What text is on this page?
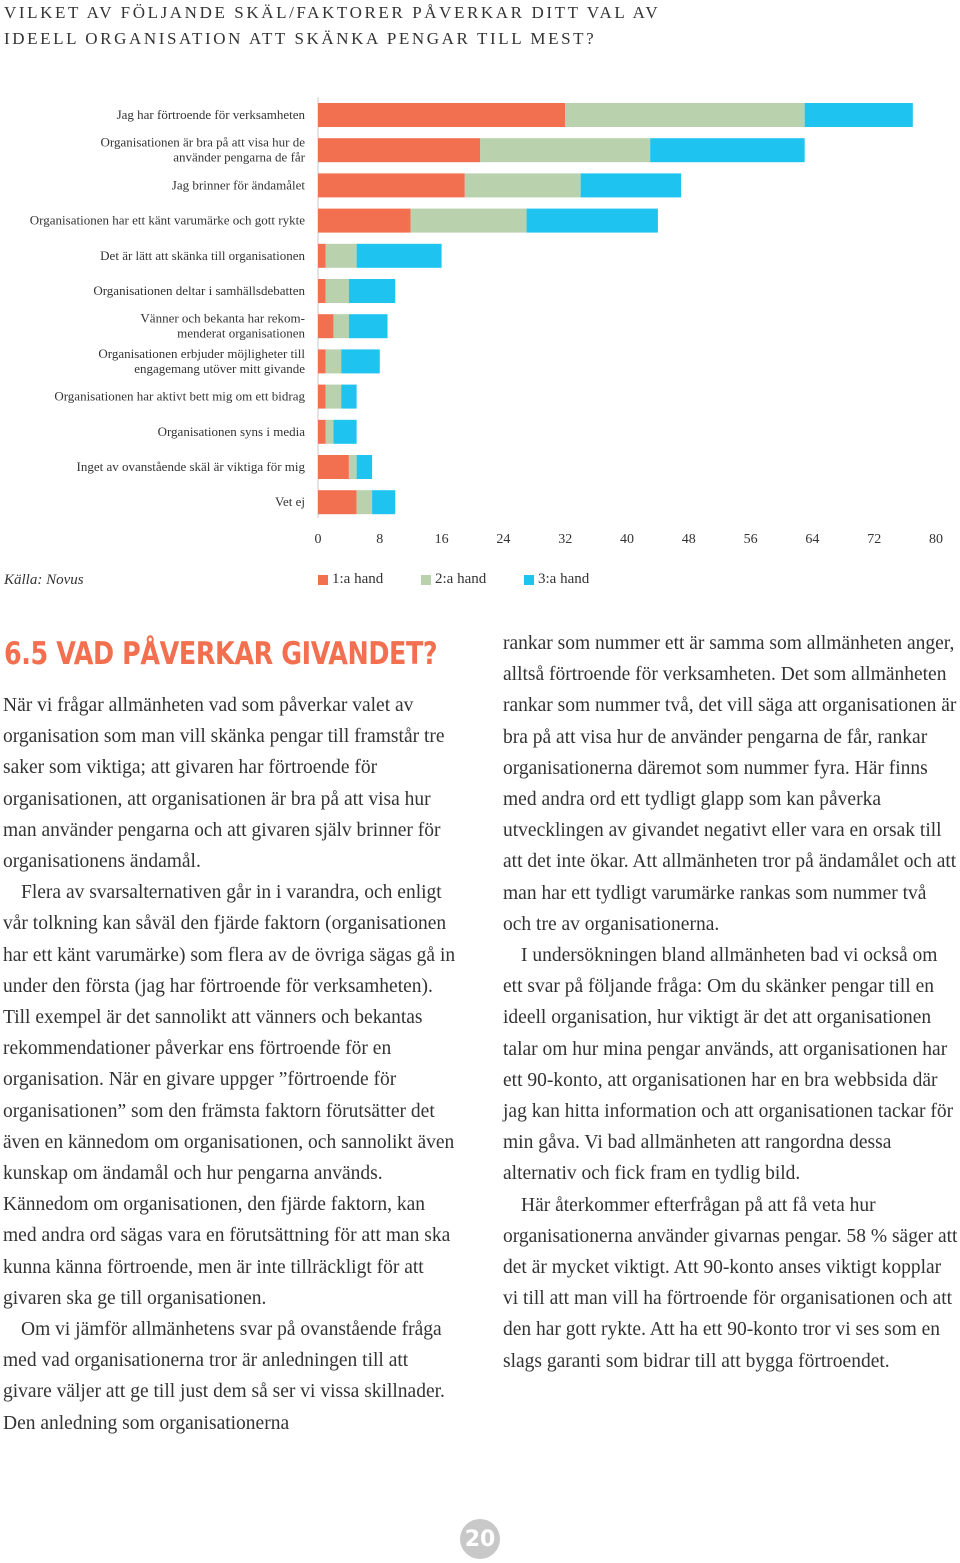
VILKET AV FÖLJANDE SKÄL/FAKTORER PÅVERKAR DITT VAL AV
IDEELL ORGANISATION ATT SKÄNKA PENGAR TILL MEST?
Jag har förtroende för verksamheten
Organisationen är bra på att visa hur de
använder pengarna de får
Jag brinner för ändamålet
Organisationen har ett känt varumärke och gott rykte
Det är lätt att skänka till organisationen
Organisationen deltar i samhällsdebatten
Vänner och bekanta har rekom-
menderat organisationen
Organisationen erbjuder möjligheter till
engagemang utöver mitt givande
Organisationen har aktivt bett mig om ett bidrag
Organisationen syns i media
Inget av ovanstående skäl är viktiga för mig
Vet ej
0	8	16	24	32	40	48	56	64	72	80
Källa: Novus	1:a hand	2:a hand	3:a hand
6.5 VAD PÅVERKAR GIVANDET?

När vi frågar allmänheten vad som påverkar valet av organisation som man vill skänka pengar till framstår tre saker som viktiga; att givaren har förtroende för organisationen, att organisationen är bra på att visa hur man använder pengarna och att givaren själv brinner för organisationens ändamål.

Flera av svarsalternativen går in i varandra, och enligt vår tolkning kan såväl den fjärde faktorn (organisationen har ett känt varumärke) som flera av de övriga sägas gå in under den första (jag har förtroende för verksamheten). Till exempel är det sannolikt att vänners och bekantas rekommendationer påverkar ens förtroende för en organisation. När en givare uppger ”förtroende för organisationen” som den främsta faktorn förutsätter det även en kännedom om organisationen, och sannolikt även kunskap om ändamål och hur pengarna används. Kännedom om organisationen, den fjärde faktorn, kan med andra ord sägas vara en förutsättning för att man ska kunna känna förtroende, men är inte tillräckligt för att givaren ska ge till organisationen.

Om vi jämför allmänhetens svar på ovanstående fråga med vad organisationerna tror är anledningen till att givare väljer att ge till just dem så ser vi vissa skillnader. Den anledning som organisationerna

rankar som nummer ett är samma som allmänheten anger, alltså förtroende för verksamheten. Det som allmänheten rankar som nummer två, det vill säga att organisationen är bra på att visa hur de använder pengarna de får, rankar organisationerna däremot som nummer fyra. Här finns med andra ord ett tydligt glapp som kan påverka utvecklingen av givandet negativt eller vara en orsak till att det inte ökar. Att allmänheten tror på ändamålet och att man har ett tydligt varumärke rankas som nummer två och tre av organisationerna.

I undersökningen bland allmänheten bad vi också om ett svar på följande fråga: Om du skänker pengar till en ideell organisation, hur viktigt är det att organisationen talar om hur mina pengar används, att organisationen har ett 90-konto, att organisationen har en bra webbsida där jag kan hitta information och att organisationen tackar för min gåva. Vi bad allmänheten att rangordna dessa alternativ och fick fram en tydlig bild.

Här återkommer efterfrågan på att få veta hur organisationerna använder givarnas pengar. 58 % säger att det är mycket viktigt. Att 90-konto anses viktigt kopplar vi till att man vill ha förtroende för organisationen och att den har gott rykte. Att ha ett 90-konto tror vi ses som en slags garanti som bidrar till att bygga förtroendet.

20
